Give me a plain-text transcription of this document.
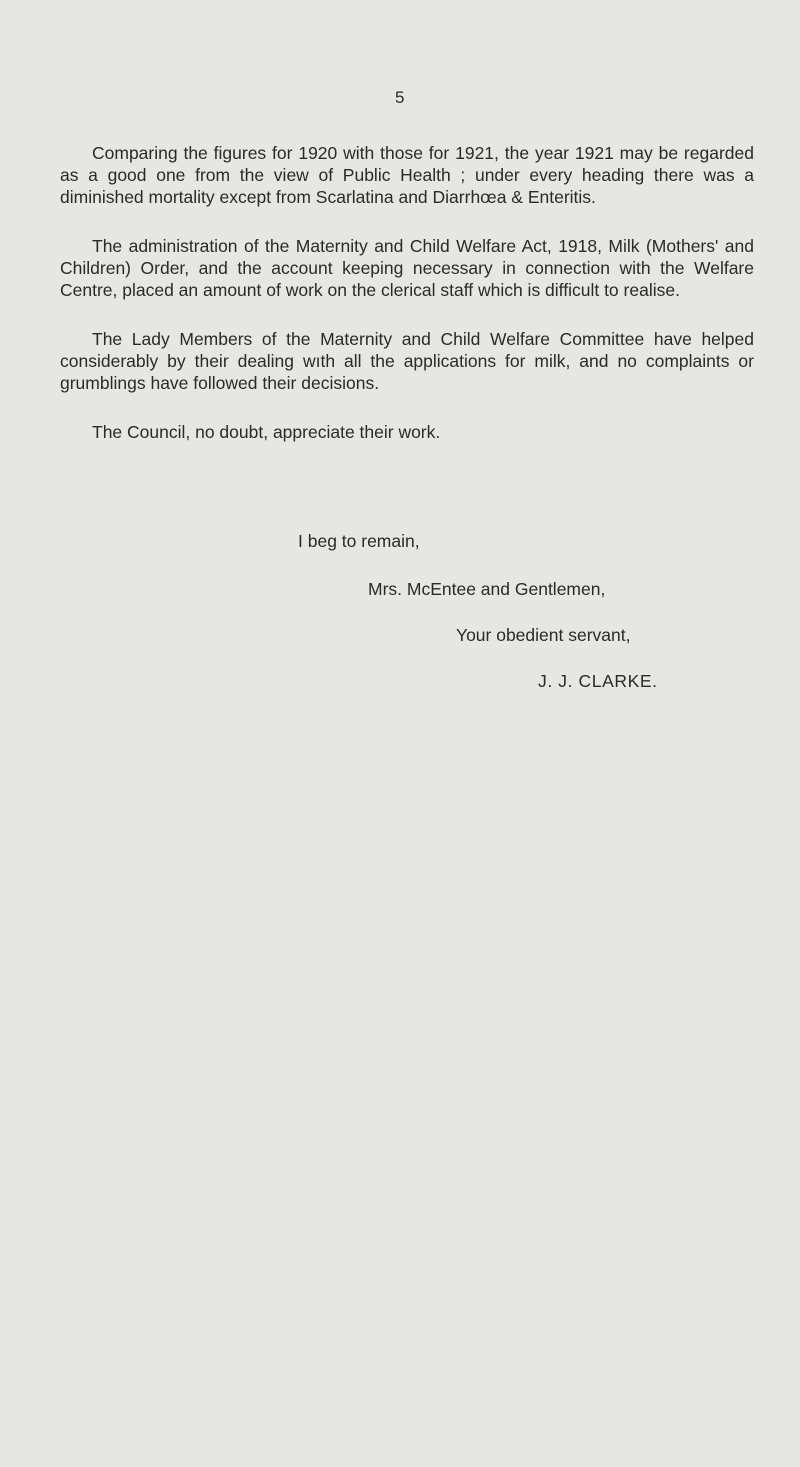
5

Comparing the figures for 1920 with those for 1921, the year 1921 may be regarded as a good one from the view of Public Health ; under every heading there was a diminished mortality except from Scarlatina and Diarrhœa & Enteritis.

The administration of the Maternity and Child Welfare Act, 1918, Milk (Mothers' and Children) Order, and the account keeping necessary in connection with the Welfare Centre, placed an amount of work on the clerical staff which is difficult to realise.

The Lady Members of the Maternity and Child Welfare Committee have helped considerably by their dealing wıth all the applications for milk, and no complaints or grumblings have followed their decisions.

The Council, no doubt, appreciate their work.

I beg to remain,
Mrs. McEntee and Gentlemen,
Your obedient servant,
J. J. CLARKE.
